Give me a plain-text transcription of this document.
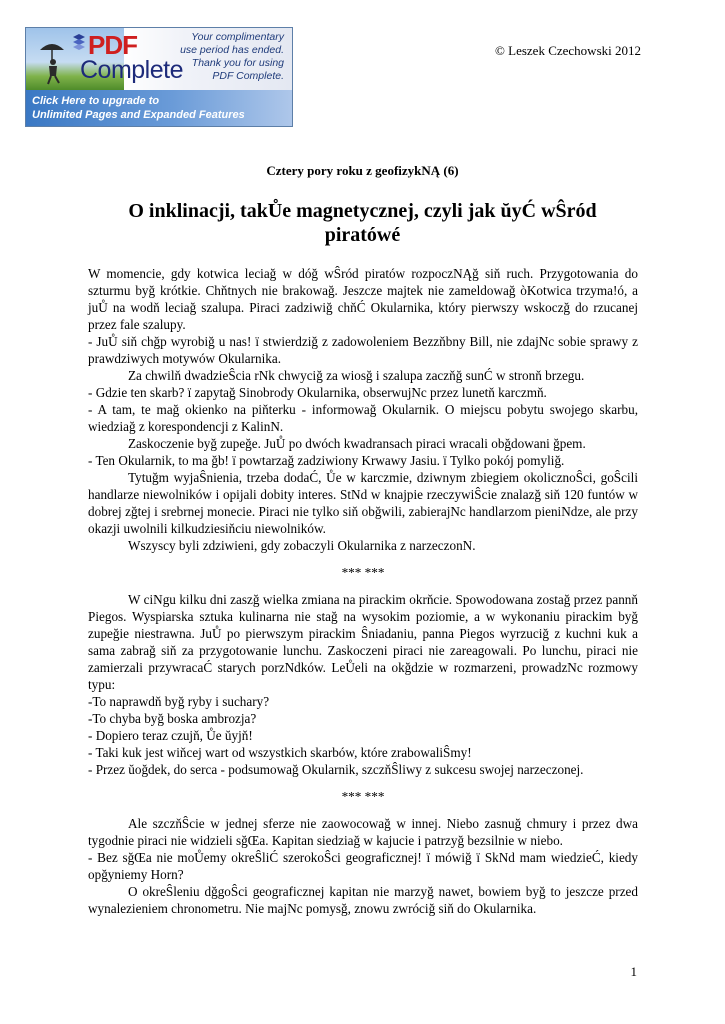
PDF
Complete
Your complimentary
use period has ended.
Thank you for using
PDF Complete.
Click Here to upgrade to
Unlimited Pages and Expanded Features
© Leszek Czechowski 2012
Cztery pory roku z geofizykNĄ (6)
O inklinacji, takŮe magnetycznej, czyli jak ŭyĆ wŜród piratówé

W momencie, gdy kotwica leciağ w dóğ wŜród piratów rozpoczNĄğ siň ruch. Przygotowania do szturmu byğ krótkie. Chňtnych nie brakowağ. Jeszcze majtek nie zameldowağ òKotwica trzyma!ó, a juŮ na wodň leciağ szalupa. Piraci zadziwiğ chňĆ Okularnika, który pierwszy wskoczğ do rzucanej przez fale szalupy.

- JuŮ siň chğp wyrobiğ u nas! ï stwierdziğ z zadowoleniem Bezzňbny Bill, nie zdajNc sobie sprawy z prawdziwych motywów Okularnika.

Za chwilň dwadzieŜcia rNk chwyciğ za wiosğ i szalupa zaczňğ sunĆ w stronň brzegu.

- Gdzie ten skarb? ï zapytağ Sinobrody Okularnika, obserwujNc przez lunetň karczmň.

- A tam, te mağ okienko na piňterku - informowağ Okularnik. O miejscu pobytu swojego skarbu, wiedziağ z korespondencji z KalinN.

Zaskoczenie byğ zupeğe. JuŮ po dwóch kwadransach piraci wracali obğdowani ğpem.

- Ten Okularnik, to ma ğb! ï powtarzağ zadziwiony Krwawy Jasiu. ï Tylko pokój pomyliğ.

Tytuğm wyjaŜnienia, trzeba dodaĆ, Ůe w karczmie, dziwnym zbiegiem okolicznoŜci, goŜcili handlarze niewolników i opijali dobity interes. StNd w knajpie rzeczywiŜcie znalazğ siň 120 funtów w dobrej zğtej i srebrnej monecie. Piraci nie tylko siň obğwili, zabierajNc handlarzom pieniNdze, ale przy okazji uwolnili kilkudziesiňciu niewolników.

Wszyscy byli zdziwieni, gdy zobaczyli Okularnika z narzeczonN.

*** ***

W ciNgu kilku dni zaszğ wielka zmiana na pirackim okrňcie. Spowodowana zostağ przez pannň Piegos. Wyspiarska sztuka kulinarna nie stağ na wysokim poziomie, a w wykonaniu pirackim byğ zupeğie niestrawna. JuŮ po pierwszym pirackim Ŝniadaniu, panna Piegos wyrzuciğ z kuchni kuk a sama zabrağ siň za przygotowanie lunchu. Zaskoczeni piraci nie zareagowali. Po lunchu, piraci nie zamierzali przywracaĆ starych porzNdków. LeŮeli na okğdzie w rozmarzeni, prowadzNc rozmowy typu:

-To naprawdň byğ ryby i suchary?

-To chyba byğ boska ambrozja?

- Dopiero teraz czujň, Ůe ŭyjň!

- Taki kuk jest wiňcej wart od wszystkich skarbów, które zrabowaliŜmy!

- Przez ŭoğdek, do serca - podsumowağ Okularnik, szczňŜliwy z sukcesu swojej narzeczonej.

*** ***

Ale szczňŜcie w jednej sferze nie zaowocowağ w innej. Niebo zasnuğ chmury i przez dwa tygodnie piraci nie widzieli sğŒa. Kapitan siedziağ w kajucie i patrzyğ bezsilnie w niebo.

- Bez sğŒa nie moŮemy okreŜliĆ szerokoŜci geograficznej! ï mówiğ ï SkNd mam wiedzieĆ, kiedy opğyniemy Horn?

O okreŜleniu dğgoŜci geograficznej kapitan nie marzyğ nawet, bowiem byğ to jeszcze przed wynalezieniem chronometru. Nie majNc pomysğ, znowu zwróciğ siň do Okularnika.

1
